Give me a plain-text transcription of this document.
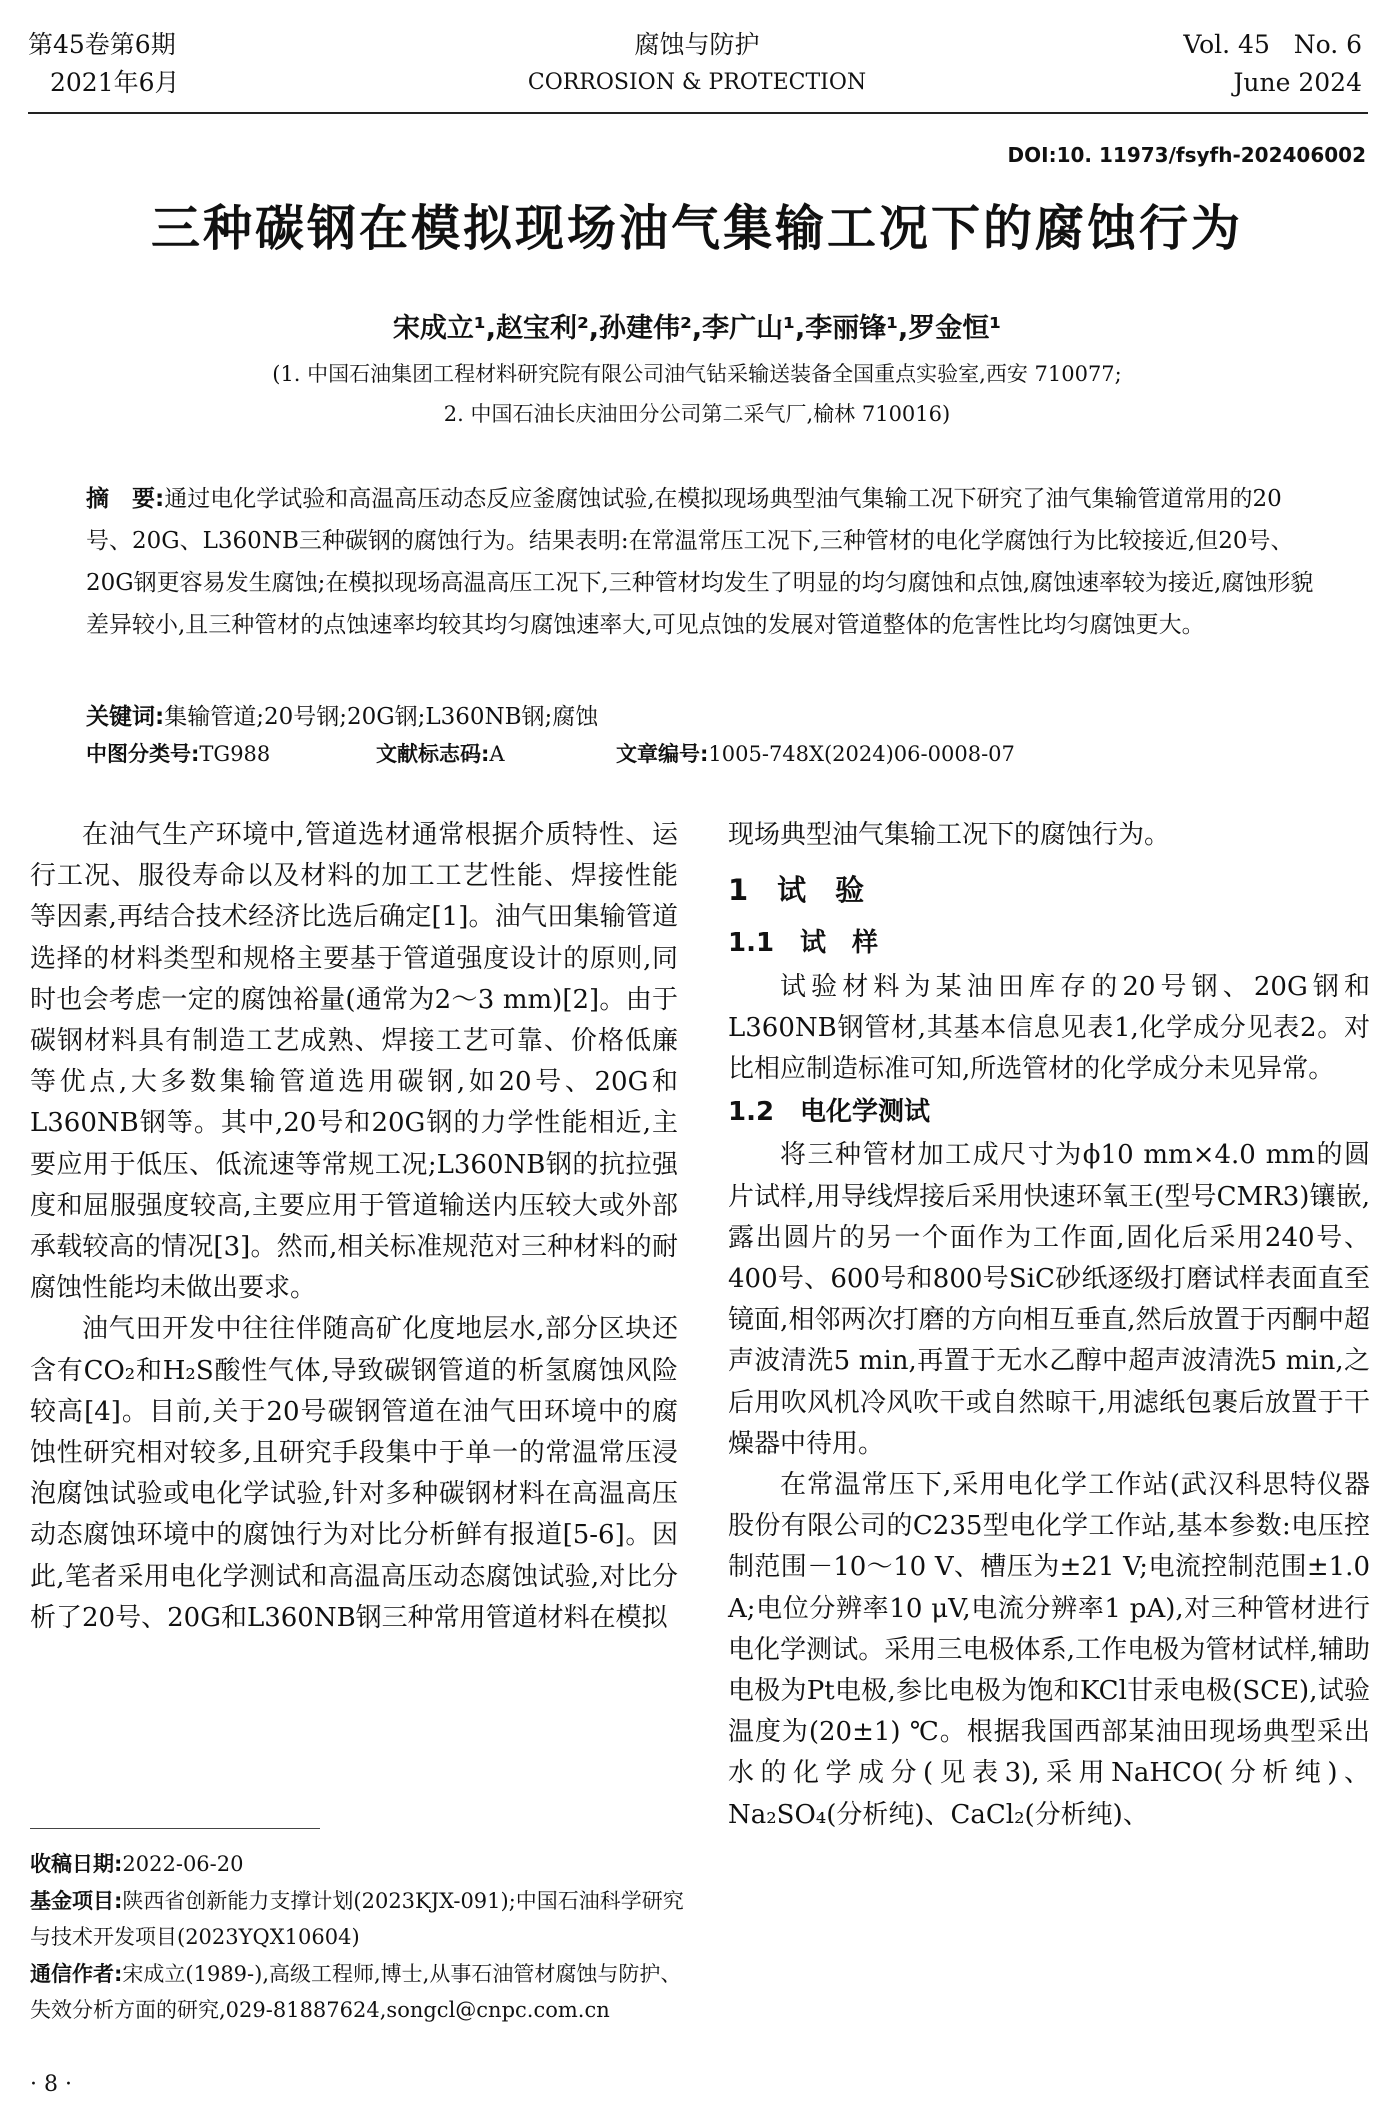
第45卷第6期
2021年6月
腐蚀与防护
CORROSION & PROTECTION
Vol. 45   No. 6
June 2024
DOI:10. 11973/fsyfh-202406002
三种碳钢在模拟现场油气集输工况下的腐蚀行为
宋成立¹,赵宝利²,孙建伟²,李广山¹,李丽锋¹,罗金恒¹
(1. 中国石油集团工程材料研究院有限公司油气钻采输送装备全国重点实验室,西安 710077;
2. 中国石油长庆油田分公司第二采气厂,榆林 710016)
摘　要:通过电化学试验和高温高压动态反应釜腐蚀试验,在模拟现场典型油气集输工况下研究了油气集输管道常用的20号、20G、L360NB三种碳钢的腐蚀行为。结果表明:在常温常压工况下,三种管材的电化学腐蚀行为比较接近,但20号、20G钢更容易发生腐蚀;在模拟现场高温高压工况下,三种管材均发生了明显的均匀腐蚀和点蚀,腐蚀速率较为接近,腐蚀形貌差异较小,且三种管材的点蚀速率均较其均匀腐蚀速率大,可见点蚀的发展对管道整体的危害性比均匀腐蚀更大。
关键词:集输管道;20号钢;20G钢;L360NB钢;腐蚀
中图分类号:TG988	文献标志码:A	文章编号:1005-748X(2024)06-0008-07

在油气生产环境中,管道选材通常根据介质特性、运行工况、服役寿命以及材料的加工工艺性能、焊接性能等因素,再结合技术经济比选后确定[1]。油气田集输管道选择的材料类型和规格主要基于管道强度设计的原则,同时也会考虑一定的腐蚀裕量(通常为2～3 mm)[2]。由于碳钢材料具有制造工艺成熟、焊接工艺可靠、价格低廉等优点,大多数集输管道选用碳钢,如20号、20G和L360NB钢等。其中,20号和20G钢的力学性能相近,主要应用于低压、低流速等常规工况;L360NB钢的抗拉强度和屈服强度较高,主要应用于管道输送内压较大或外部承载较高的情况[3]。然而,相关标准规范对三种材料的耐腐蚀性能均未做出要求。

油气田开发中往往伴随高矿化度地层水,部分区块还含有CO₂和H₂S酸性气体,导致碳钢管道的析氢腐蚀风险较高[4]。目前,关于20号碳钢管道在油气田环境中的腐蚀性研究相对较多,且研究手段集中于单一的常温常压浸泡腐蚀试验或电化学试验,针对多种碳钢材料在高温高压动态腐蚀环境中的腐蚀行为对比分析鲜有报道[5-6]。因此,笔者采用电化学测试和高温高压动态腐蚀试验,对比分析了20号、20G和L360NB钢三种常用管道材料在模拟

现场典型油气集输工况下的腐蚀行为。

1　试　验
1.1　试　样

试验材料为某油田库存的20号钢、20G钢和L360NB钢管材,其基本信息见表1,化学成分见表2。对比相应制造标准可知,所选管材的化学成分未见异常。

1.2　电化学测试

将三种管材加工成尺寸为ϕ10 mm×4.0 mm的圆片试样,用导线焊接后采用快速环氧王(型号CMR3)镶嵌,露出圆片的另一个面作为工作面,固化后采用240号、400号、600号和800号SiC砂纸逐级打磨试样表面直至镜面,相邻两次打磨的方向相互垂直,然后放置于丙酮中超声波清洗5 min,再置于无水乙醇中超声波清洗5 min,之后用吹风机冷风吹干或自然晾干,用滤纸包裹后放置于干燥器中待用。

在常温常压下,采用电化学工作站(武汉科思特仪器股份有限公司的C235型电化学工作站,基本参数:电压控制范围－10～10 V、槽压为±21 V;电流控制范围±1.0 A;电位分辨率10 μV,电流分辨率1 pA),对三种管材进行电化学测试。采用三电极体系,工作电极为管材试样,辅助电极为Pt电极,参比电极为饱和KCl甘汞电极(SCE),试验温度为(20±1) ℃。根据我国西部某油田现场典型采出水的化学成分(见表3),采用NaHCO(分析纯)、Na₂SO₄(分析纯)、CaCl₂(分析纯)、

收稿日期:2022-06-20
基金项目:陕西省创新能力支撑计划(2023KJX-091);中国石油科学研究与技术开发项目(2023YQX10604)
通信作者:宋成立(1989-),高级工程师,博士,从事石油管材腐蚀与防护、失效分析方面的研究,029-81887624,songcl@cnpc.com.cn
· 8 ·
